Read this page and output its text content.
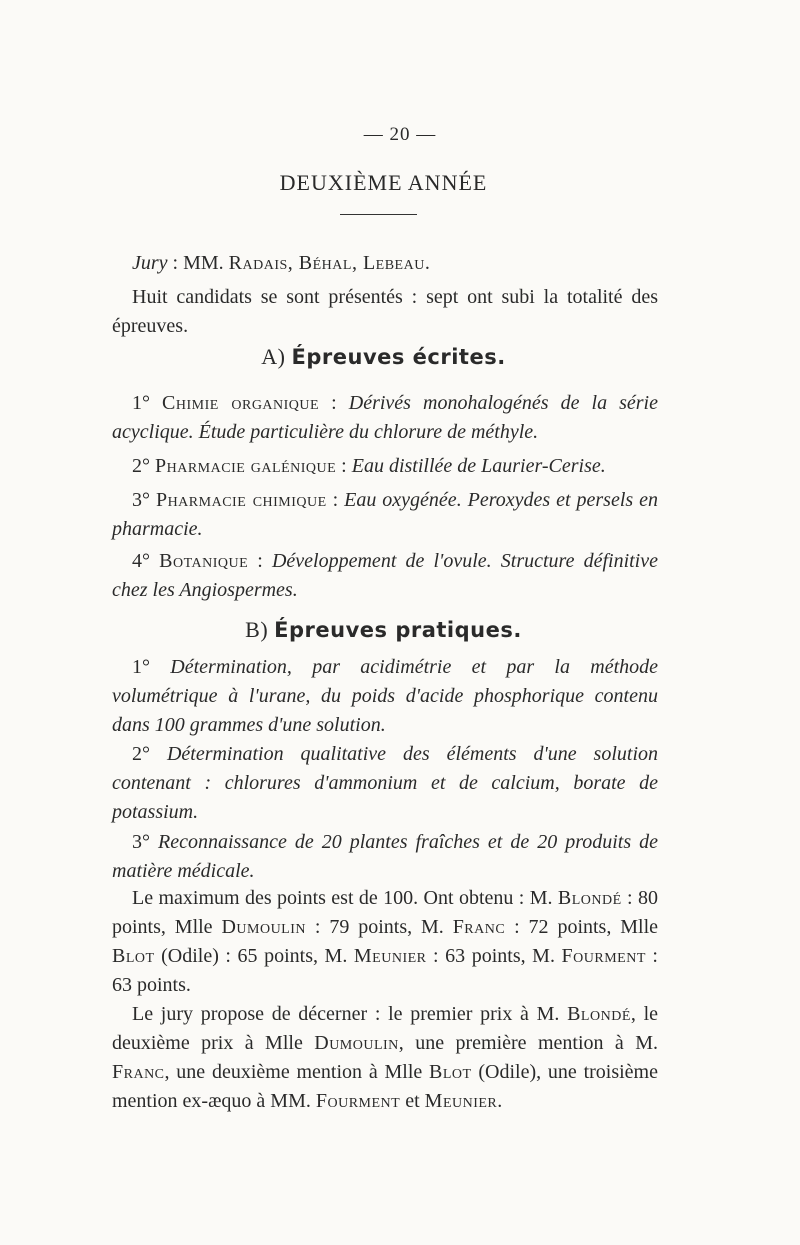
— 20 —
DEUXIÈME ANNÉE

Jury : MM. Radais, Béhal, Lebeau.

Huit candidats se sont présentés : sept ont subi la totalité des épreuves.

A) Épreuves écrites.

1° Chimie organique : Dérivés monohalogénés de la série acyclique. Étude particulière du chlorure de méthyle.

2° Pharmacie galénique : Eau distillée de Laurier-Cerise.

3° Pharmacie chimique : Eau oxygénée. Peroxydes et persels en pharmacie.

4° Botanique : Développement de l'ovule. Structure définitive chez les Angiospermes.

B) Épreuves pratiques.

1° Détermination, par acidimétrie et par la méthode volumétrique à l'urane, du poids d'acide phosphorique contenu dans 100 grammes d'une solution.

2° Détermination qualitative des éléments d'une solution contenant : chlorures d'ammonium et de calcium, borate de potassium.

3° Reconnaissance de 20 plantes fraîches et de 20 produits de matière médicale.

Le maximum des points est de 100. Ont obtenu : M. Blondé : 80 points, Mlle Dumoulin : 79 points, M. Franc : 72 points, Mlle Blot (Odile) : 65 points, M. Meunier : 63 points, M. Fourment : 63 points.

Le jury propose de décerner : le premier prix à M. Blondé, le deuxième prix à Mlle Dumoulin, une première mention à M. Franc, une deuxième mention à Mlle Blot (Odile), une troisième mention ex-æquo à MM. Fourment et Meunier.
